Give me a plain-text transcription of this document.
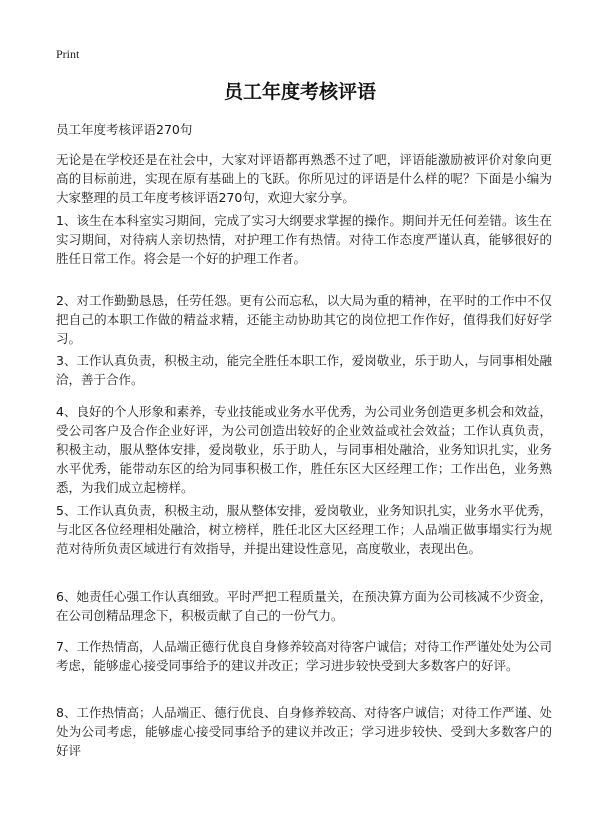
Print
员工年度考核评语

员工年度考核评语270句

无论是在学校还是在社会中，大家对评语都再熟悉不过了吧，评语能激励被评价对象向更高的目标前进，实现在原有基础上的飞跃。你所见过的评语是什么样的呢？下面是小编为大家整理的员工年度考核评语270句，欢迎大家分享。

1、该生在本科室实习期间，完成了实习大纲要求掌握的操作。期间并无任何差错。该生在实习期间，对待病人亲切热情，对护理工作有热情。对待工作态度严谨认真，能够很好的胜任日常工作。将会是一个好的护理工作者。

2、对工作勤勤恳恳，任劳任怨。更有公而忘私，以大局为重的精神，在平时的工作中不仅把自己的本职工作做的精益求精，还能主动协助其它的岗位把工作作好，值得我们好好学习。

3、工作认真负责，积极主动，能完全胜任本职工作，爱岗敬业，乐于助人，与同事相处融洽，善于合作。

4、良好的个人形象和素养，专业技能或业务水平优秀，为公司业务创造更多机会和效益，受公司客户及合作企业好评，为公司创造出较好的企业效益或社会效益；工作认真负责，积极主动，服从整体安排，爱岗敬业，乐于助人，与同事相处融洽，业务知识扎实，业务水平优秀，能带动东区的给为同事积极工作，胜任东区大区经理工作；工作出色，业务熟悉，为我们成立起榜样。

5、工作认真负责，积极主动，服从整体安排，爱岗敬业，业务知识扎实，业务水平优秀，与北区各位经理相处融洽，树立榜样，胜任北区大区经理工作；人品端正做事塌实行为规范对待所负责区域进行有效指导，并提出建设性意见，高度敬业，表现出色。

6、她责任心强工作认真细致。平时严把工程质量关，在预决算方面为公司核减不少资金，在公司创精品理念下，积极贡献了自己的一份气力。

7、工作热情高，人品端正德行优良自身修养较高对待客户诚信；对待工作严谨处处为公司考虑，能够虚心接受同事给予的建议并改正；学习进步较快受到大多数客户的好评。

8、工作热情高；人品端正、德行优良、自身修养较高、对待客户诚信；对待工作严谨、处处为公司考虑，能够虚心接受同事给予的建议并改正；学习进步较快、受到大多数客户的好评
